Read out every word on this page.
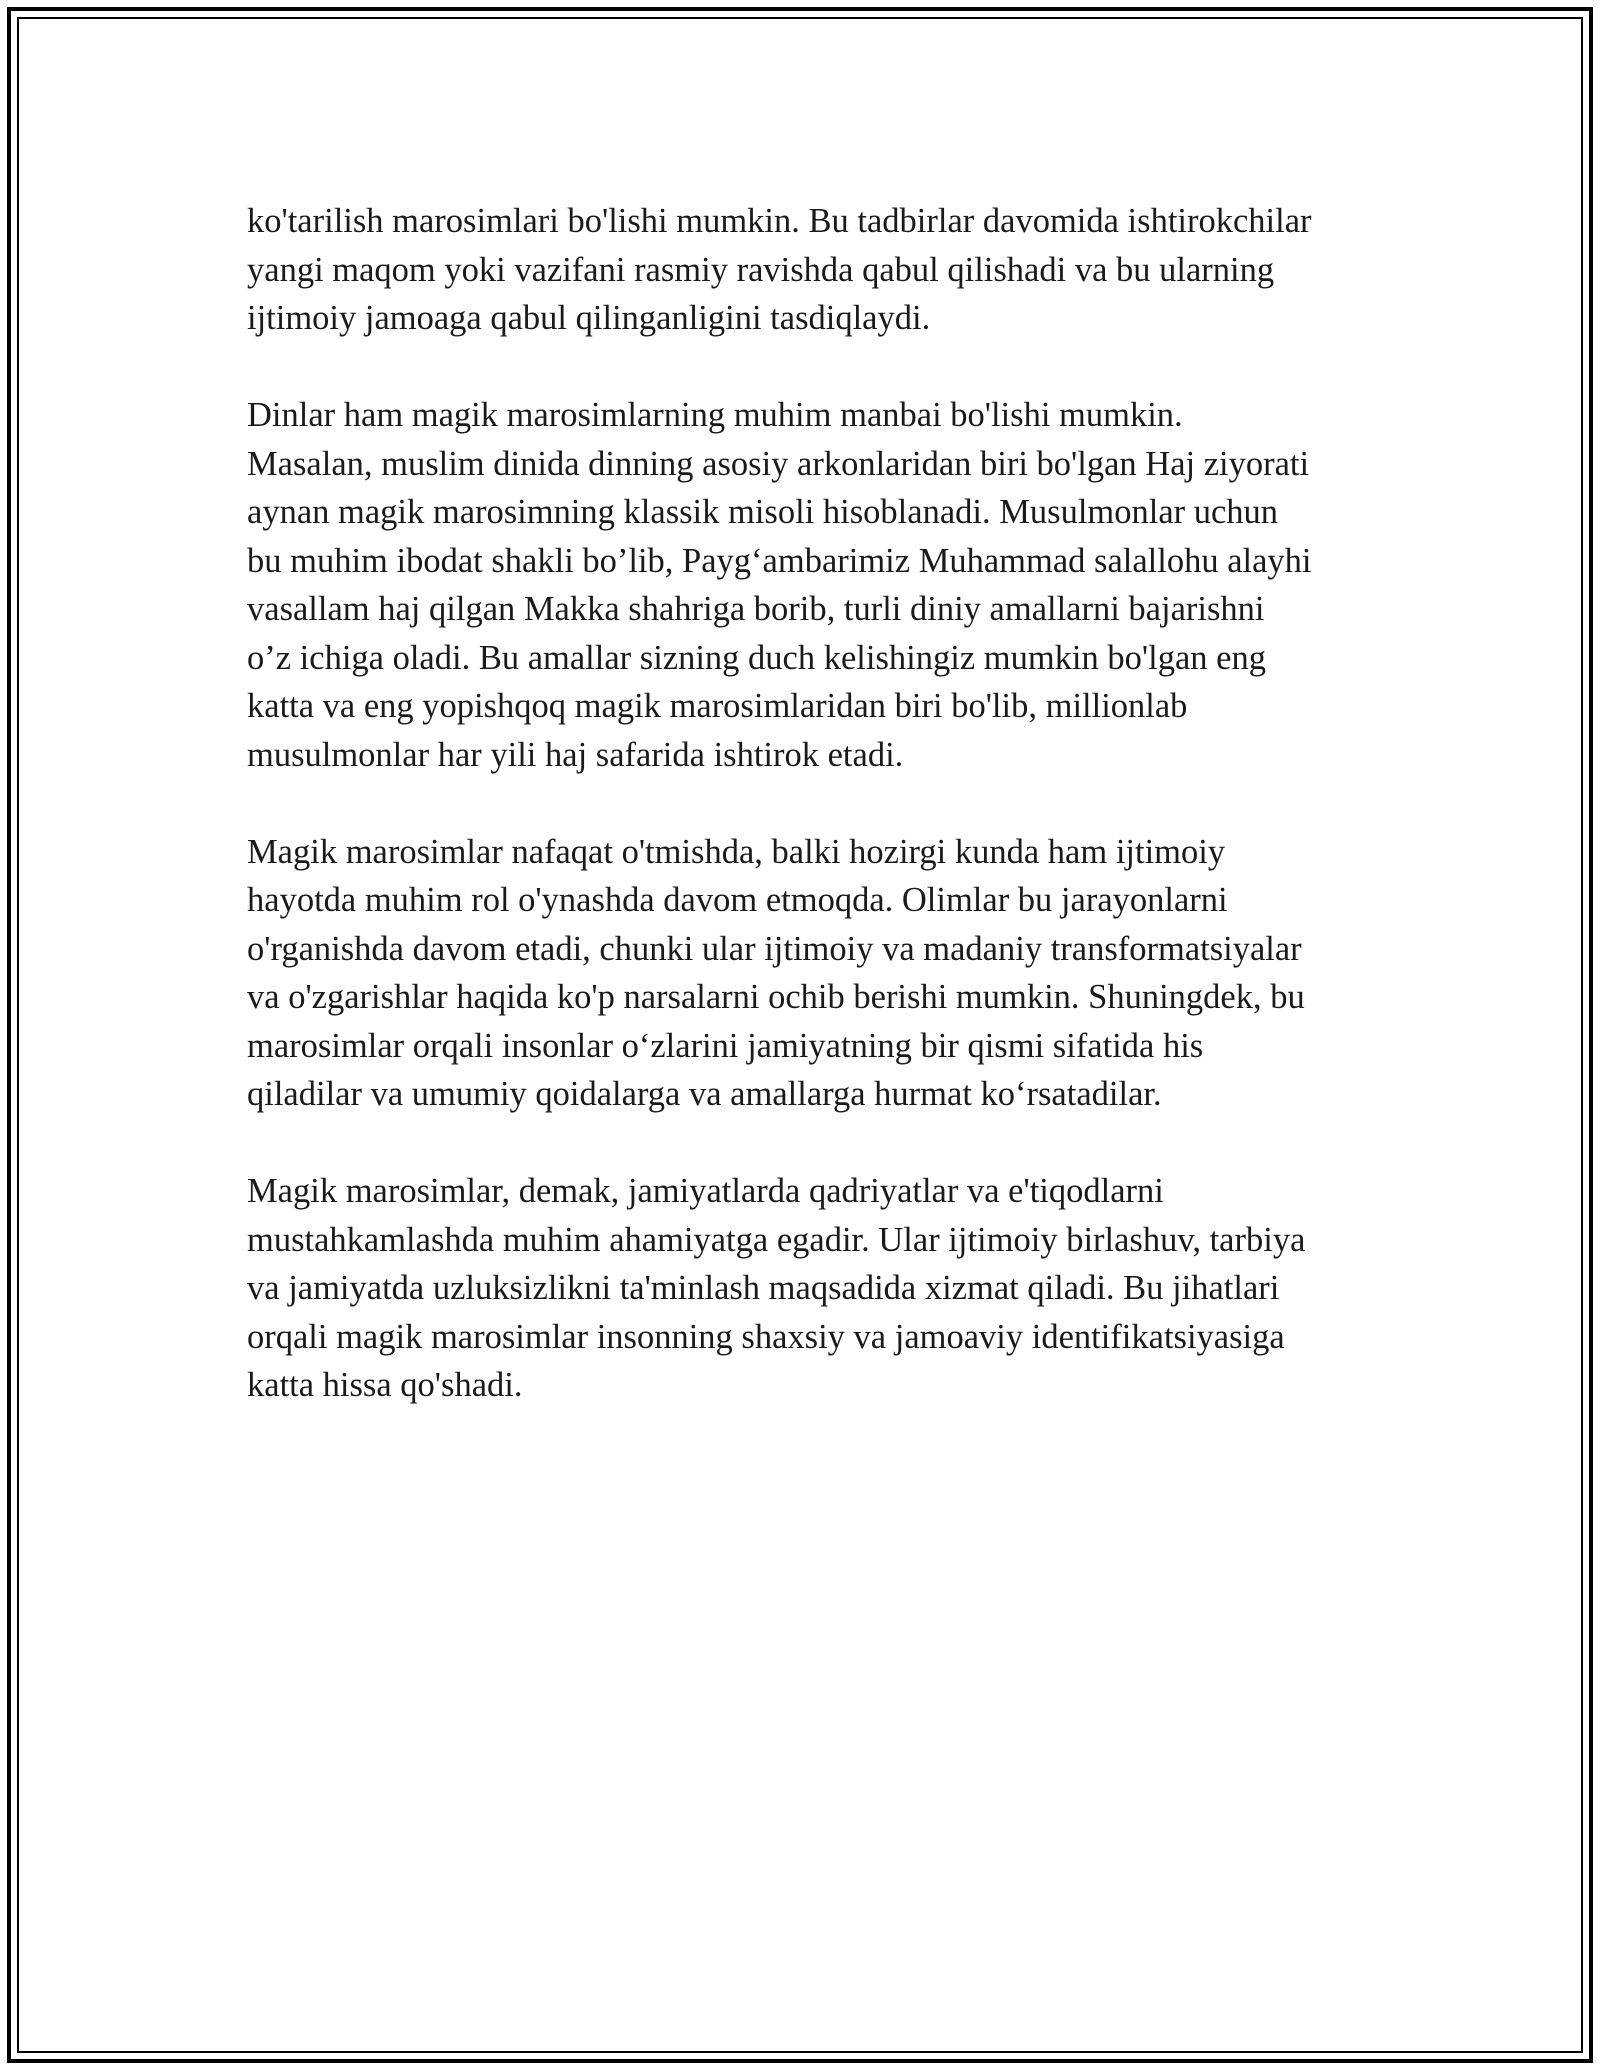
ko'tarilish marosimlari bo'lishi mumkin. Bu tadbirlar davomida ishtirokchilar
yangi maqom yoki vazifani rasmiy ravishda qabul qilishadi va bu ularning
ijtimoiy jamoaga qabul qilinganligini tasdiqlaydi.

Dinlar ham magik marosimlarning muhim manbai bo'lishi mumkin.
Masalan, muslim dinida dinning asosiy arkonlaridan biri bo'lgan Haj ziyorati
aynan magik marosimning klassik misoli hisoblanadi. Musulmonlar uchun
bu muhim ibodat shakli bo’lib, Payg‘ambarimiz Muhammad salallohu alayhi
vasallam haj qilgan Makka shahriga borib, turli diniy amallarni bajarishni
o’z ichiga oladi. Bu amallar sizning duch kelishingiz mumkin bo'lgan eng
katta va eng yopishqoq magik marosimlaridan biri bo'lib, millionlab
musulmonlar har yili haj safarida ishtirok etadi.

Magik marosimlar nafaqat o'tmishda, balki hozirgi kunda ham ijtimoiy
hayotda muhim rol o'ynashda davom etmoqda. Olimlar bu jarayonlarni
o'rganishda davom etadi, chunki ular ijtimoiy va madaniy transformatsiyalar
va o'zgarishlar haqida ko'p narsalarni ochib berishi mumkin. Shuningdek, bu
marosimlar orqali insonlar o‘zlarini jamiyatning bir qismi sifatida his
qiladilar va umumiy qoidalarga va amallarga hurmat ko‘rsatadilar.

Magik marosimlar, demak, jamiyatlarda qadriyatlar va e'tiqodlarni
mustahkamlashda muhim ahamiyatga egadir. Ular ijtimoiy birlashuv, tarbiya
va jamiyatda uzluksizlikni ta'minlash maqsadida xizmat qiladi. Bu jihatlari
orqali magik marosimlar insonning shaxsiy va jamoaviy identifikatsiyasiga
katta hissa qo'shadi.
